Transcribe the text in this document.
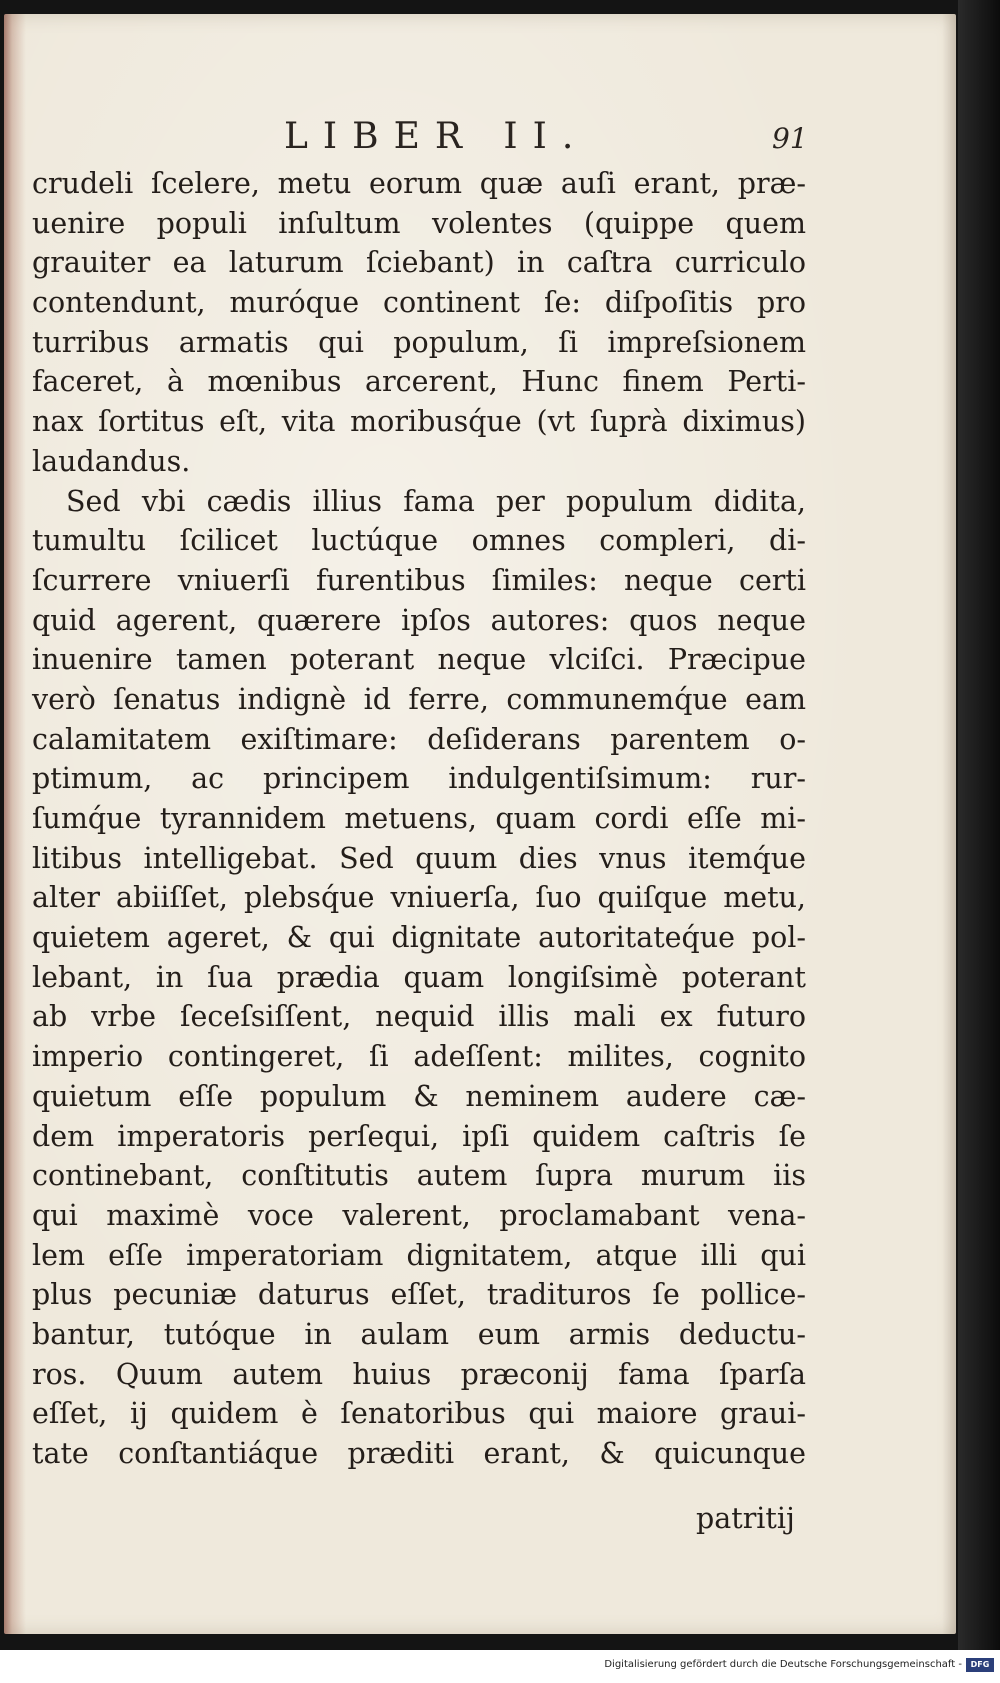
LIBER II.	91
crudeli ſcelere, metu eorum quæ auſi erant, præ-
uenire populi inſultum volentes (quippe quem
grauiter ea laturum ſciebant) in caſtra curriculo
contendunt, muróque continent ſe: diſpoſitis pro
turribus armatis qui populum, ſi impreſsionem
faceret, à mœnibus arcerent, Hunc finem Perti-
nax ſortitus eſt, vita moribusq́ue (vt ſuprà diximus)
laudandus.
Sed vbi cædis illius fama per populum didita,
tumultu ſcilicet luctúque omnes compleri, di-
ſcurrere vniuerſi furentibus ſimiles: neque certi
quid agerent, quærere ipſos autores: quos neque
inuenire tamen poterant neque vlciſci. Præcipue
verò ſenatus indignè id ferre, communemq́ue eam
calamitatem exiſtimare: deſiderans parentem o-
ptimum, ac principem indulgentiſsimum: rur-
ſumq́ue tyrannidem metuens, quam cordi eſſe mi-
litibus intelligebat. Sed quum dies vnus itemq́ue
alter abiiſſet, plebsq́ue vniuerſa, ſuo quiſque metu,
quietem ageret, & qui dignitate autoritateq́ue pol-
lebant, in ſua prædia quam longiſsimè poterant
ab vrbe ſeceſsiſſent, nequid illis mali ex futuro
imperio contingeret, ſi adeſſent: milites, cognito
quietum eſſe populum & neminem audere cæ-
dem imperatoris perſequi, ipſi quidem caſtris ſe
continebant, conſtitutis autem ſupra murum iis
qui maximè voce valerent, proclamabant vena-
lem eſſe imperatoriam dignitatem, atque illi qui
plus pecuniæ daturus eſſet, tradituros ſe pollice-
bantur, tutóque in aulam eum armis deductu-
ros. Quum autem huius præconij fama ſparſa
eſſet, ij quidem è ſenatoribus qui maiore graui-
tate conſtantiáque præditi erant, & quicunque
patritij
Digitalisierung gefördert durch die Deutsche Forschungsgemeinschaft -	DFG
